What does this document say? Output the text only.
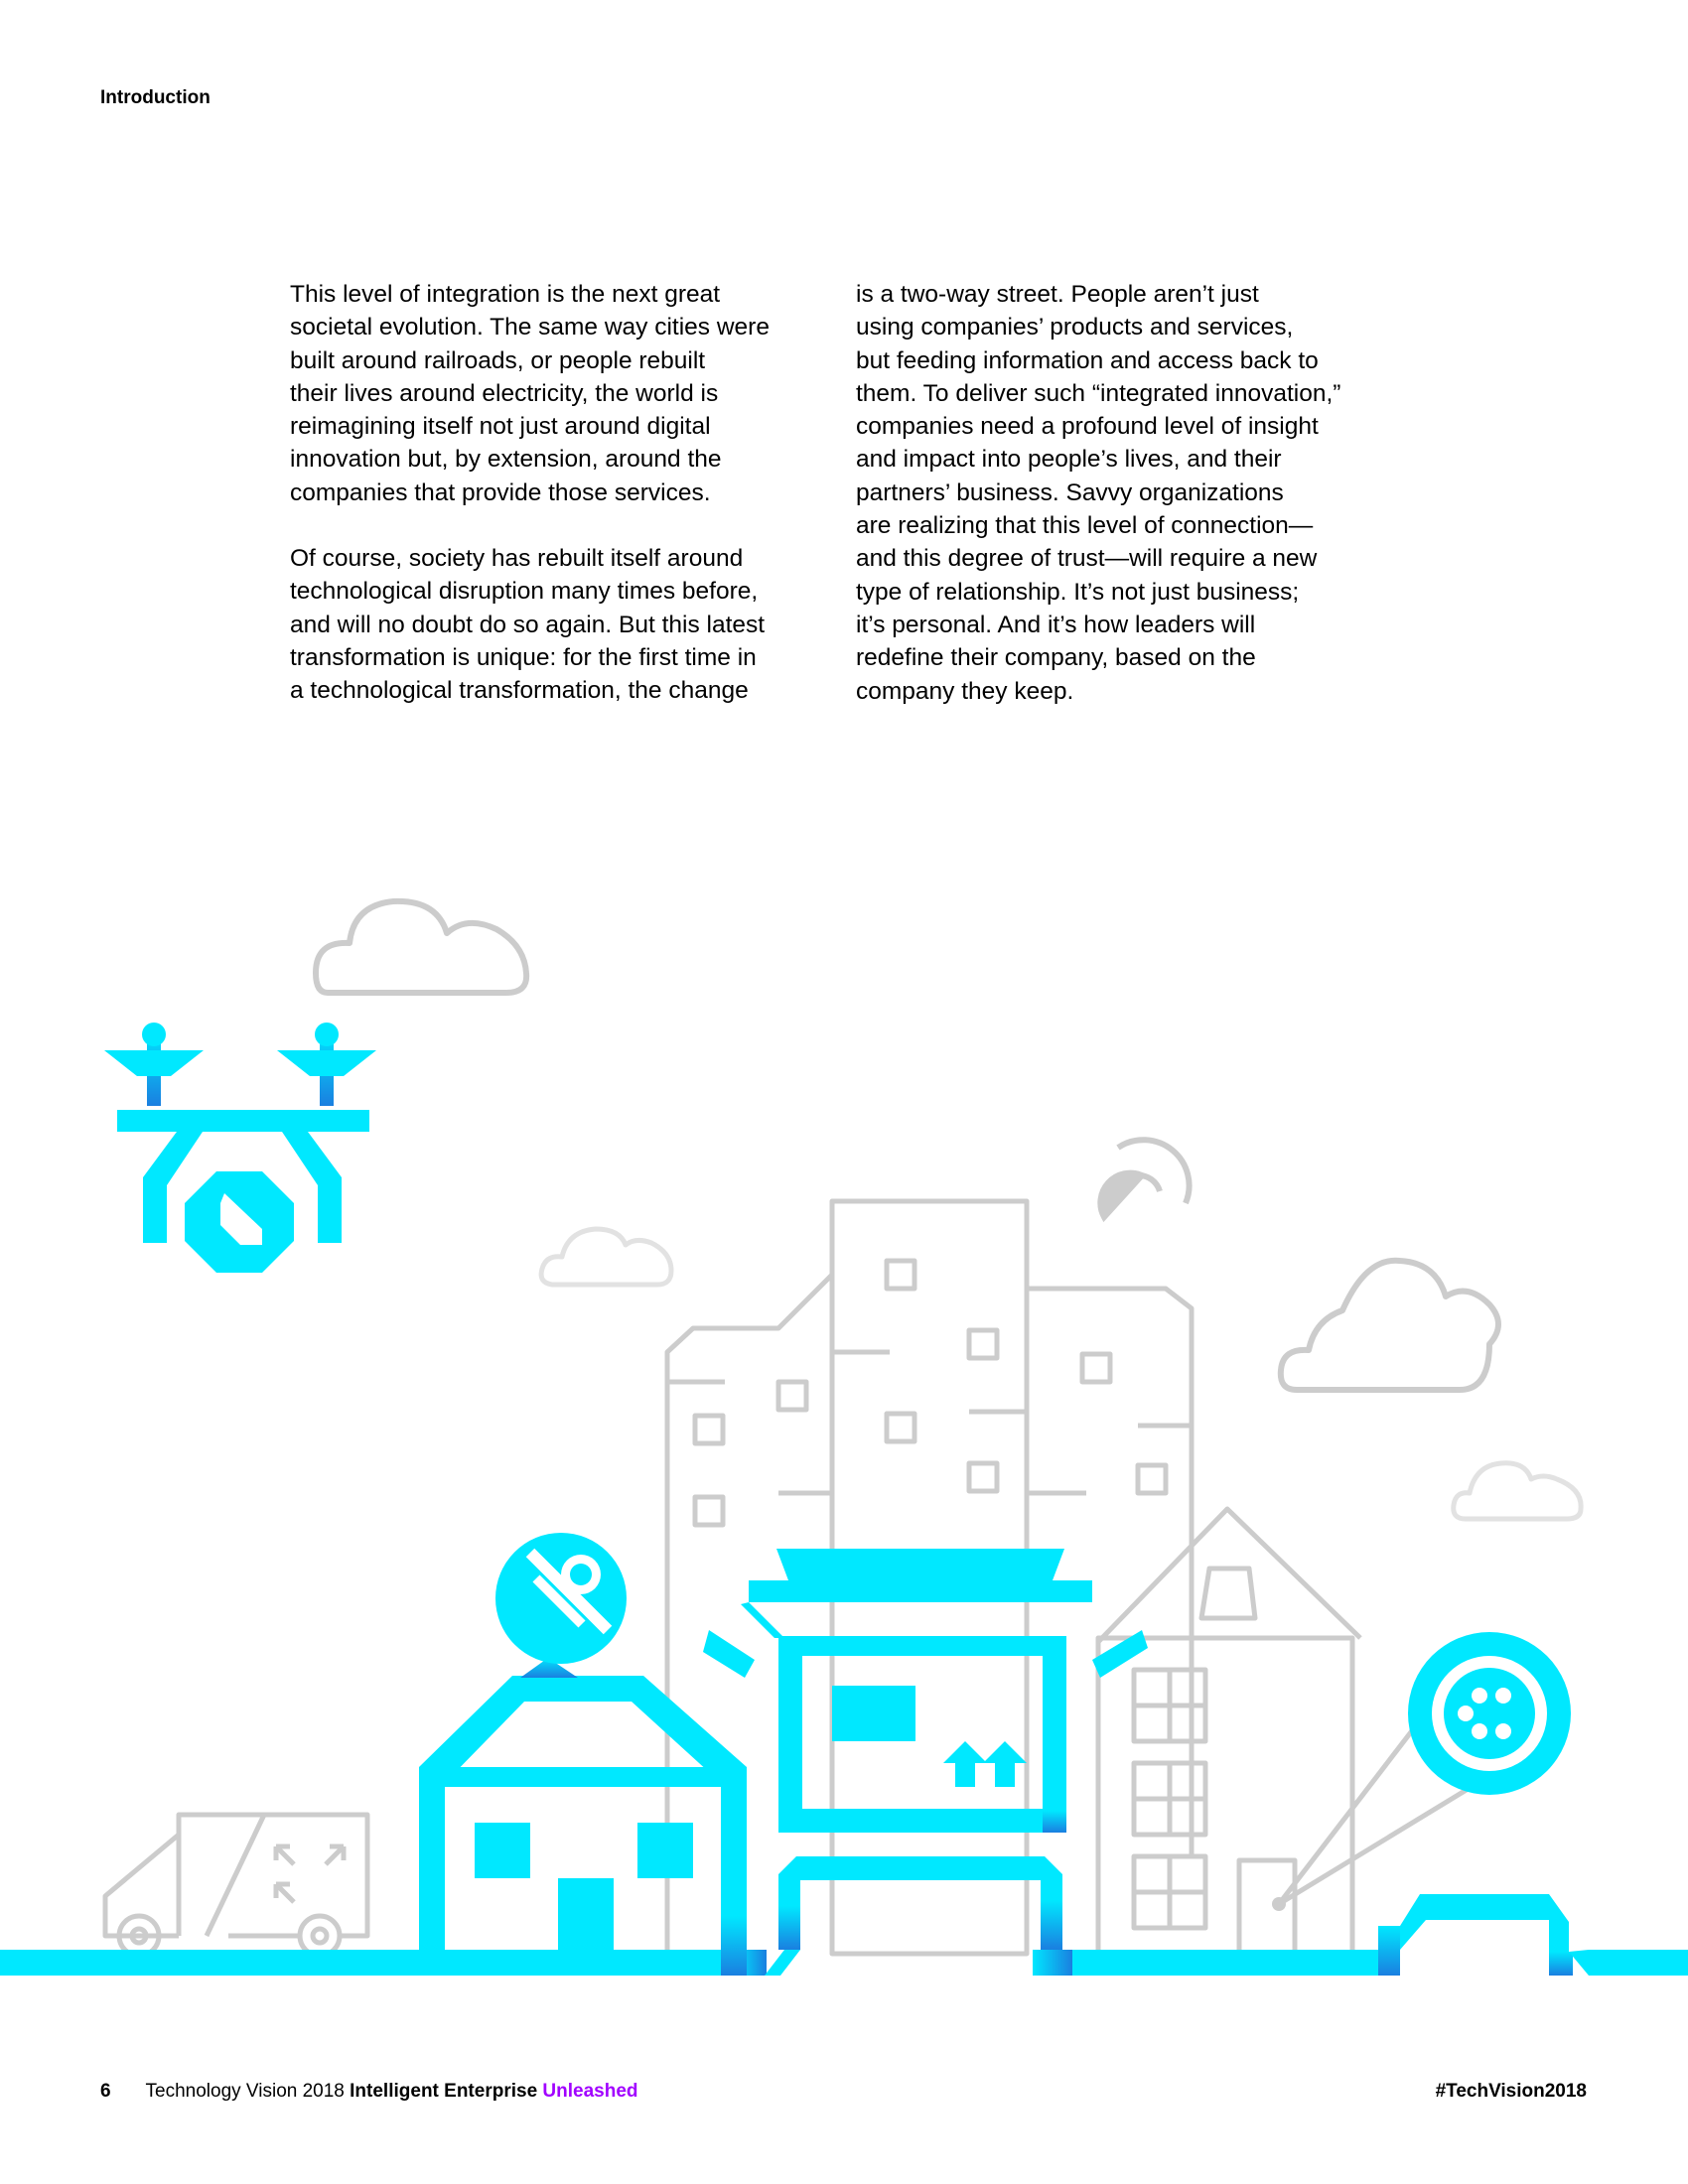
Introduction

This level of integration is the next great
societal evolution. The same way cities were
built around railroads, or people rebuilt
their lives around electricity, the world is
reimagining itself not just around digital
innovation but, by extension, around the
companies that provide those services.

Of course, society has rebuilt itself around
technological disruption many times before,
and will no doubt do so again. But this latest
transformation is unique: for the first time in
a technological transformation, the change

is a two-way street. People aren’t just
using companies’ products and services,
but feeding information and access back to
them. To deliver such “integrated innovation,”
companies need a profound level of insight
and impact into people’s lives, and their
partners’ business. Savvy organizations
are realizing that this level of connection—
and this degree of trust—will require a new
type of relationship. It’s not just business;
it’s personal. And it’s how leaders will
redefine their company, based on the
company they keep.

6 Technology Vision 2018 Intelligent Enterprise Unleashed	#TechVision2018
